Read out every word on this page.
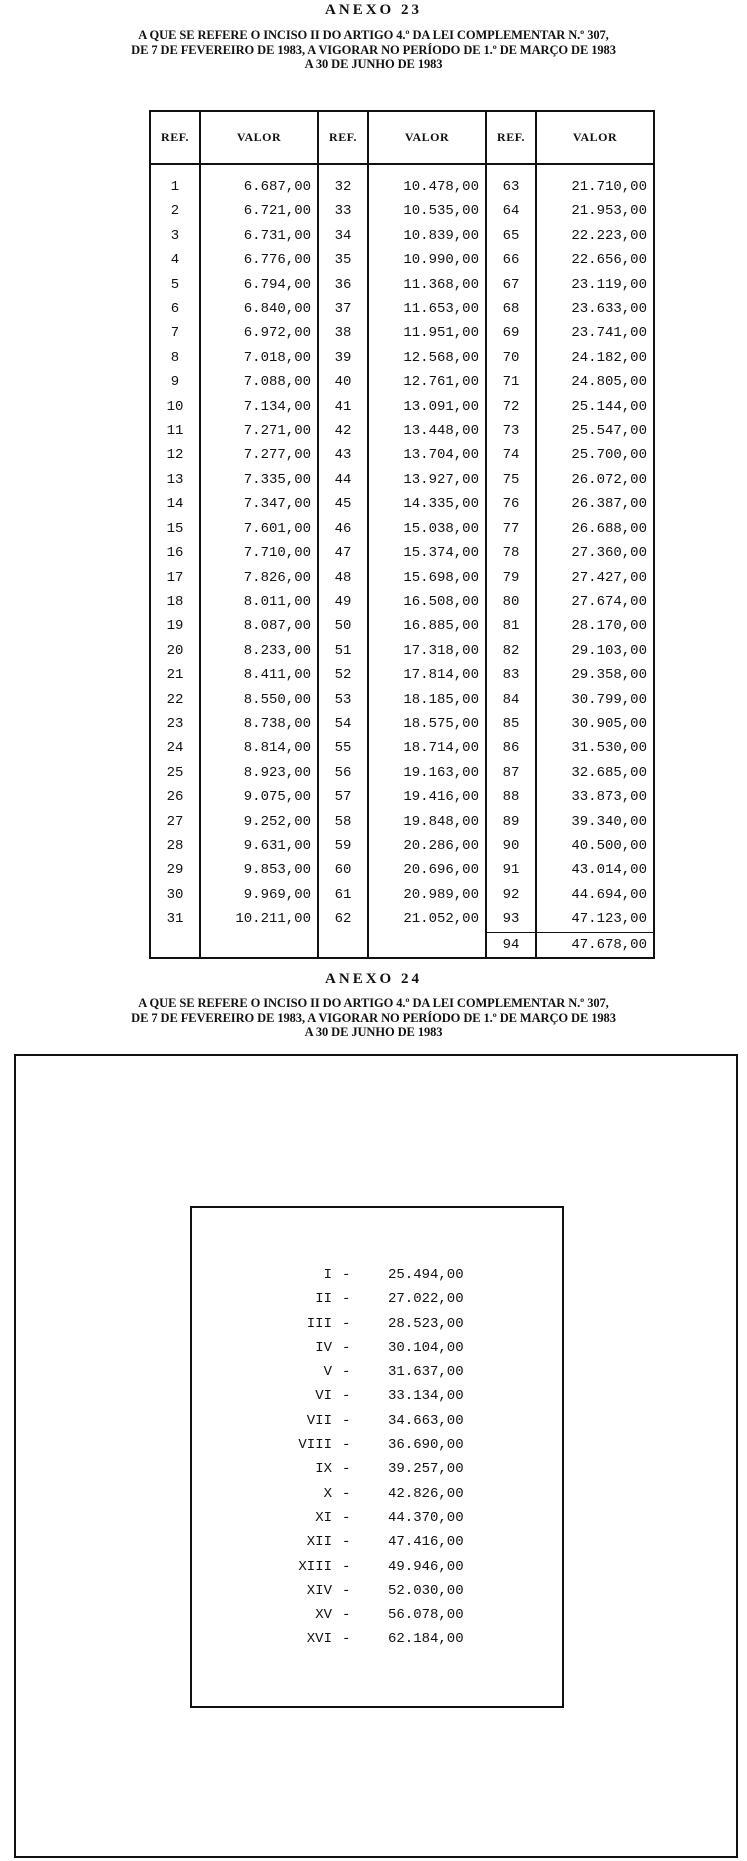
ANEXO 23
A QUE SE REFERE O INCISO II DO ARTIGO 4.º DA LEI COMPLEMENTAR N.º 307,
DE 7 DE FEVEREIRO DE 1983, A VIGORAR NO PERÍODO DE 1.º DE MARÇO DE 1983
A 30 DE JUNHO DE 1983
REF.	VALOR	REF.	VALOR	REF.	VALOR

1	6.687,00	32	10.478,00	63	21.710,00
2	6.721,00	33	10.535,00	64	21.953,00
3	6.731,00	34	10.839,00	65	22.223,00
4	6.776,00	35	10.990,00	66	22.656,00
5	6.794,00	36	11.368,00	67	23.119,00
6	6.840,00	37	11.653,00	68	23.633,00
7	6.972,00	38	11.951,00	69	23.741,00
8	7.018,00	39	12.568,00	70	24.182,00
9	7.088,00	40	12.761,00	71	24.805,00
10	7.134,00	41	13.091,00	72	25.144,00
11	7.271,00	42	13.448,00	73	25.547,00
12	7.277,00	43	13.704,00	74	25.700,00
13	7.335,00	44	13.927,00	75	26.072,00
14	7.347,00	45	14.335,00	76	26.387,00
15	7.601,00	46	15.038,00	77	26.688,00
16	7.710,00	47	15.374,00	78	27.360,00
17	7.826,00	48	15.698,00	79	27.427,00
18	8.011,00	49	16.508,00	80	27.674,00
19	8.087,00	50	16.885,00	81	28.170,00
20	8.233,00	51	17.318,00	82	29.103,00
21	8.411,00	52	17.814,00	83	29.358,00
22	8.550,00	53	18.185,00	84	30.799,00
23	8.738,00	54	18.575,00	85	30.905,00
24	8.814,00	55	18.714,00	86	31.530,00
25	8.923,00	56	19.163,00	87	32.685,00
26	9.075,00	57	19.416,00	88	33.873,00
27	9.252,00	58	19.848,00	89	39.340,00
28	9.631,00	59	20.286,00	90	40.500,00
29	9.853,00	60	20.696,00	91	43.014,00
30	9.969,00	61	20.989,00	92	44.694,00
31	10.211,00	62	21.052,00	93	47.123,00
				94	47.678,00
ANEXO 24
A QUE SE REFERE O INCISO II DO ARTIGO 4.º DA LEI COMPLEMENTAR N.º 307,
DE 7 DE FEVEREIRO DE 1983, A VIGORAR NO PERÍODO DE 1.º DE MARÇO DE 1983
A 30 DE JUNHO DE 1983
I -	25.494,00
II -	27.022,00
III -	28.523,00
IV -	30.104,00
V -	31.637,00
VI -	33.134,00
VII -	34.663,00
VIII -	36.690,00
IX -	39.257,00
X -	42.826,00
XI -	44.370,00
XII -	47.416,00
XIII -	49.946,00
XIV -	52.030,00
XV -	56.078,00
XVI -	62.184,00
